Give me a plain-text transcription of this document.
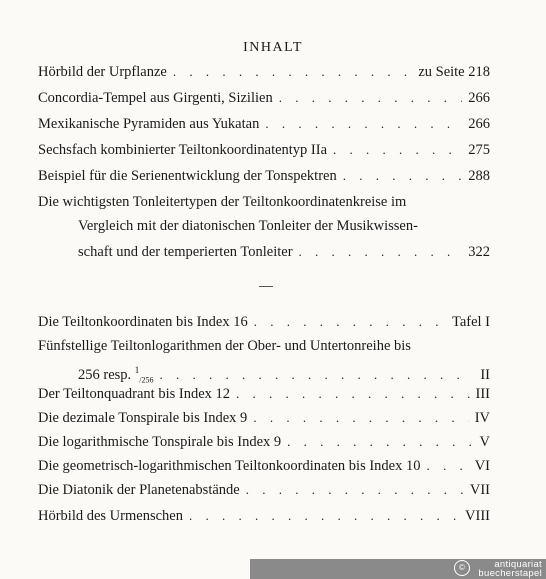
INHALT
Hörbild der Urpflanze . . .	zu Seite 218
Concordia-Tempel aus Girgenti, Sizilien . . .	266
Mexikanische Pyramiden aus Yukatan . . .	266
Sechsfach kombinierter Teiltonkoordinatentyp IIa . . .	275
Beispiel für die Serienentwicklung der Tonspektren . . .	288
Die wichtigsten Tonleitertypen der Teiltonkoordinatenkreise im
Vergleich mit der diatonischen Tonleiter der Musikwissen-
schaft und der temperierten Tonleiter . . .	322
Die Teiltonkoordinaten bis Index 16 . . .	Tafel I
Fünfstellige Teiltonlogarithmen der Ober- und Untertonreihe bis
256 resp. $^1_{/256}$ . . .	II
Der Teiltonquadrant bis Index 12 . . .	III
Die dezimale Tonspirale bis Index 9 . . .	IV
Die logarithmische Tonspirale bis Index 9 . . .	V
Die geometrisch-logarithmischen Teiltonkoordinaten bis Index 10 . . .	VI
Die Diatonik der Planetenabstände . . .	VII
Hörbild des Urmenschen . . .	VIII
©	antiquariat
buecherstapel
